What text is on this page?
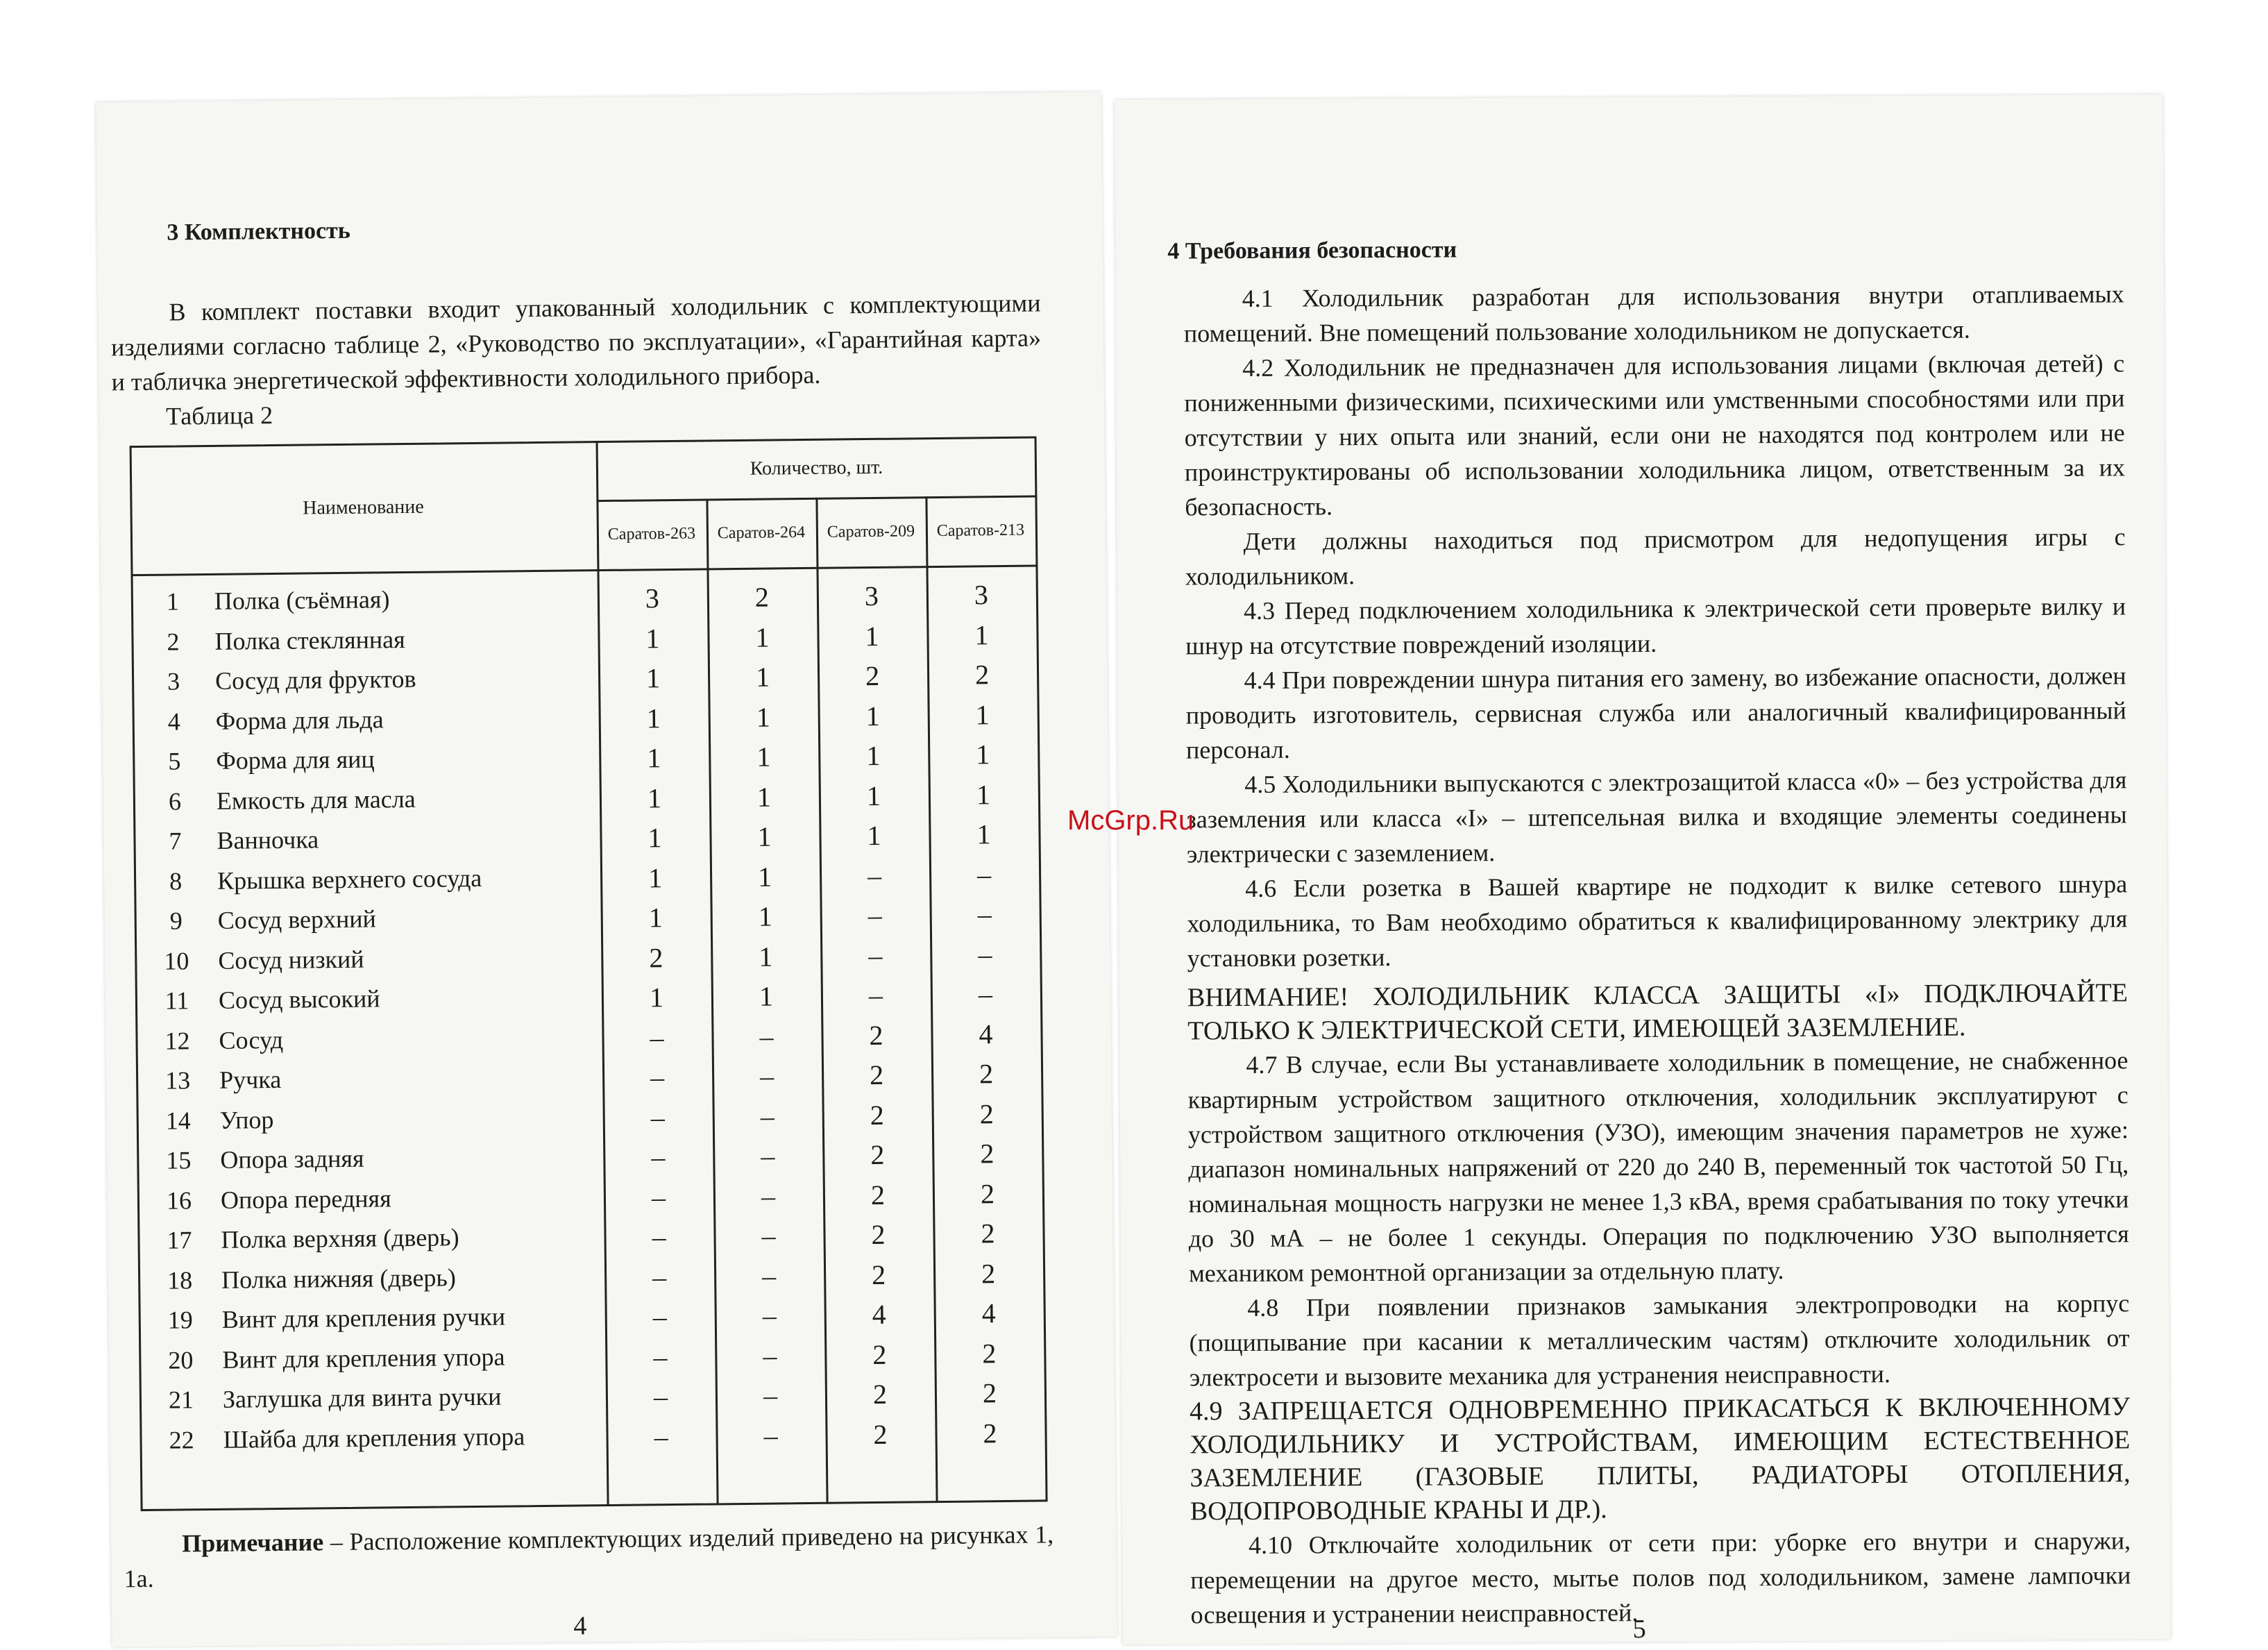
3 Комплектность
В комплект поставки входит упакованный холодильник с комплектующими изделиями согласно таблице 2, «Руководство по эксплуатации», «Гарантийная карта» и табличка энергетической эффективности холодильного прибора.
Таблица 2
Наименование
Количество, шт.
Саратов-263	Саратов-264	Саратов-209	Саратов-213
1	Полка (съёмная)	3	2	3	3
2	Полка стеклянная	1	1	1	1
3	Сосуд для фруктов	1	1	2	2
4	Форма для льда	1	1	1	1
5	Форма для яиц	1	1	1	1
6	Емкость для масла	1	1	1	1
7	Ванночка	1	1	1	1
8	Крышка верхнего сосуда	1	1	–	–
9	Сосуд верхний	1	1	–	–
10	Сосуд низкий	2	1	–	–
11	Сосуд высокий	1	1	–	–
12	Сосуд	–	–	2	4
13	Ручка	–	–	2	2
14	Упор	–	–	2	2
15	Опора задняя	–	–	2	2
16	Опора передняя	–	–	2	2
17	Полка верхняя (дверь)	–	–	2	2
18	Полка нижняя (дверь)	–	–	2	2
19	Винт для крепления ручки	–	–	4	4
20	Винт для крепления упора	–	–	2	2
21	Заглушка для винта ручки	–	–	2	2
22	Шайба для крепления упора	–	–	2	2
Примечание – Расположение комплектующих изделий приведено на рисунках 1, 1а.
4
4 Требования безопасности
4.1 Холодильник разработан для использования внутри отапливаемых помещений. Вне помещений пользование холодильником не допускается.
4.2 Холодильник не предназначен для использования лицами (включая детей) с пониженными физическими, психическими или умственными способностями или при отсутствии у них опыта или знаний, если они не находятся под контролем или не проинструктированы об использовании холодильника лицом, ответственным за их безопасность.
Дети должны находиться под присмотром для недопущения игры с холодильником.
4.3 Перед подключением холодильника к электрической сети проверьте вилку и шнур на отсутствие повреждений изоляции.
4.4 При повреждении шнура питания его замену, во избежание опасности, должен проводить изготовитель, сервисная служба или аналогичный квалифицированный персонал.
4.5 Холодильники выпускаются с электрозащитой класса «0» – без устройства для заземления или класса «I» – штепсельная вилка и входящие элементы соединены электрически с заземлением.
4.6 Если розетка в Вашей квартире не подходит к вилке сетевого шнура холодильника, то Вам необходимо обратиться к квалифицированному электрику для установки розетки.
ВНИМАНИЕ! ХОЛОДИЛЬНИК КЛАССА ЗАЩИТЫ «I» ПОДКЛЮЧАЙТЕ ТОЛЬКО К ЭЛЕКТРИЧЕСКОЙ СЕТИ, ИМЕЮЩЕЙ ЗАЗЕМЛЕНИЕ.
4.7 В случае, если Вы устанавливаете холодильник в помещение, не снабженное квартирным устройством защитного отключения, холодильник эксплуатируют с устройством защитного отключения (УЗО), имеющим значения параметров не хуже: диапазон номинальных напряжений от 220 до 240 В, переменный ток частотой 50 Гц, номинальная мощность нагрузки не менее 1,3 кВА, время срабатывания по току утечки до 30 мА – не более 1 секунды. Операция по подключению УЗО выполняется механиком ремонтной организации за отдельную плату.
4.8 При появлении признаков замыкания электропроводки на корпус (пощипывание при касании к металлическим частям) отключите холодильник от электросети и вызовите механика для устранения неисправности.
4.9 ЗАПРЕЩАЕТСЯ ОДНОВРЕМЕННО ПРИКАСАТЬСЯ К ВКЛЮЧЕННОМУ ХОЛОДИЛЬНИКУ И УСТРОЙСТВАМ, ИМЕЮЩИМ ЕСТЕСТВЕННОЕ ЗАЗЕМЛЕНИЕ (ГАЗОВЫЕ ПЛИТЫ, РАДИАТОРЫ ОТОПЛЕНИЯ, ВОДОПРОВОДНЫЕ КРАНЫ И ДР.).
4.10 Отключайте холодильник от сети при: уборке его внутри и снаружи, перемещении на другое место, мытье полов под холодильником, замене лампочки освещения и устранении неисправностей.
5
McGrp.Ru
